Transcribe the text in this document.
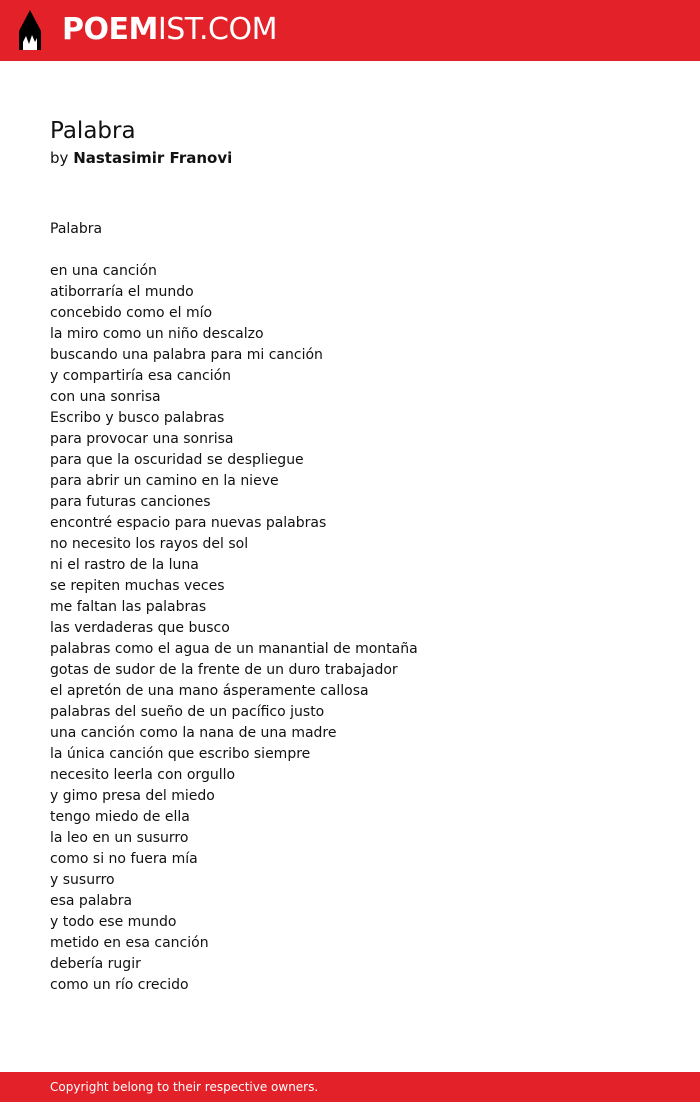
POEMIST.COM
Palabra
by Nastasimir Franovi
Palabra
en una canción
atiborraría el mundo
concebido como el mío
la miro como un niño descalzo
buscando una palabra para mi canción
y compartiría esa canción
con una sonrisa
Escribo y busco palabras
para provocar una sonrisa
para que la oscuridad se despliegue
para abrir un camino en la nieve
para futuras canciones
encontré espacio para nuevas palabras
no necesito los rayos del sol
ni el rastro de la luna
se repiten muchas veces
me faltan las palabras
las verdaderas que busco
palabras como el agua de un manantial de montaña
gotas de sudor de la frente de un duro trabajador
el apretón de una mano ásperamente callosa
palabras del sueño de un pacífico justo
una canción como la nana de una madre
la única canción que escribo siempre
necesito leerla con orgullo
y gimo presa del miedo
tengo miedo de ella
la leo en un susurro
como si no fuera mía
y susurro
esa palabra
y todo ese mundo
metido en esa canción
debería rugir
como un río crecido
Copyright belong to their respective owners.
